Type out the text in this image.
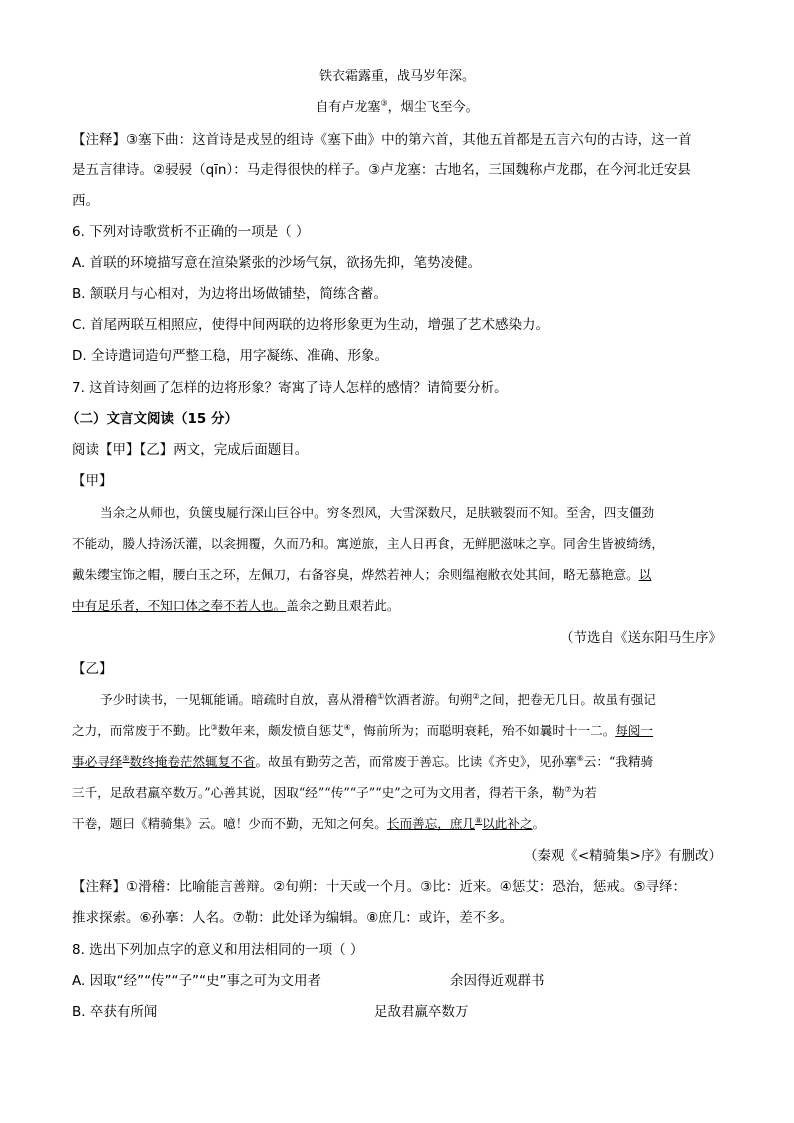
铁衣霜露重，战马岁年深。
自有卢龙塞③，烟尘飞至今。
【注释】③塞下曲：这首诗是戎昱的组诗《塞下曲》中的第六首，其他五首都是五言六句的古诗，这一首
是五言律诗。②骎骎（qīn）：马走得很快的样子。③卢龙塞：古地名，三国魏称卢龙郡，在今河北迁安县
西。
6. 下列对诗歌赏析不正确的一项是（ ）
A. 首联的环境描写意在渲染紧张的沙场气氛，欲扬先抑，笔势凌健。
B. 颔联月与心相对，为边将出场做铺垫，简练含蓄。
C. 首尾两联互相照应，使得中间两联的边将形象更为生动，增强了艺术感染力。
D. 全诗遣词造句严整工稳，用字凝练、准确、形象。
7. 这首诗刻画了怎样的边将形象？寄寓了诗人怎样的感情？请简要分析。
（二）文言文阅读（15 分）
阅读【甲】【乙】两文，完成后面题目。
【甲】
当余之从师也，负箧曳屣行深山巨谷中。穷冬烈风，大雪深数尺，足肤皲裂而不知。至舍，四支僵劲
不能动，媵人持汤沃灌，以衾拥覆，久而乃和。寓逆旅，主人日再食，无鲜肥滋味之享。同舍生皆被绮绣，
戴朱缨宝饰之帽，腰白玉之环，左佩刀，右备容臭，烨然若神人；余则缊袍敝衣处其间，略无慕艳意。以
中有足乐者，不知口体之奉不若人也。盖余之勤且艰若此。
（节选自《送东阳马生序》
【乙】
予少时读书，一见辄能诵。暗疏时自放，喜从滑稽①饮酒者游。旬朔②之间，把卷无几日。故虽有强记
之力，而常废于不勤。比③数年来，颇发愤自惩艾④，悔前所为；而聪明衰耗，殆不如曩时十一二。每阅一
事必寻绎⑤数终掩卷茫然辄复不省。故虽有勤劳之苦，而常废于善忘。比读《齐史》，见孙搴⑥云：“我精骑
三千，足敌君羸卒数万。”心善其说，因取“经”“传”“子”“史”之可为文用者，得若干条，勒⑦为若
干卷，题曰《精骑集》云。噫！少而不勤，无知之何矣。长而善忘，庶几⑧以此补之。
（秦观《<精骑集>序》有删改）
【注释】①滑稽：比喻能言善辩。②旬朔：十天或一个月。③比：近来。④惩艾：恐治，惩戒。⑤寻绎：
推求探索。⑥孙搴：人名。⑦勒：此处译为编辑。⑧庶几：或许，差不多。
8. 选出下列加点字的意义和用法相同的一项（ ）
A. 因取“经”“传”“子”“史”事之可为文用者	余因得近观群书
B. 卒获有所闻	足敌君羸卒数万
